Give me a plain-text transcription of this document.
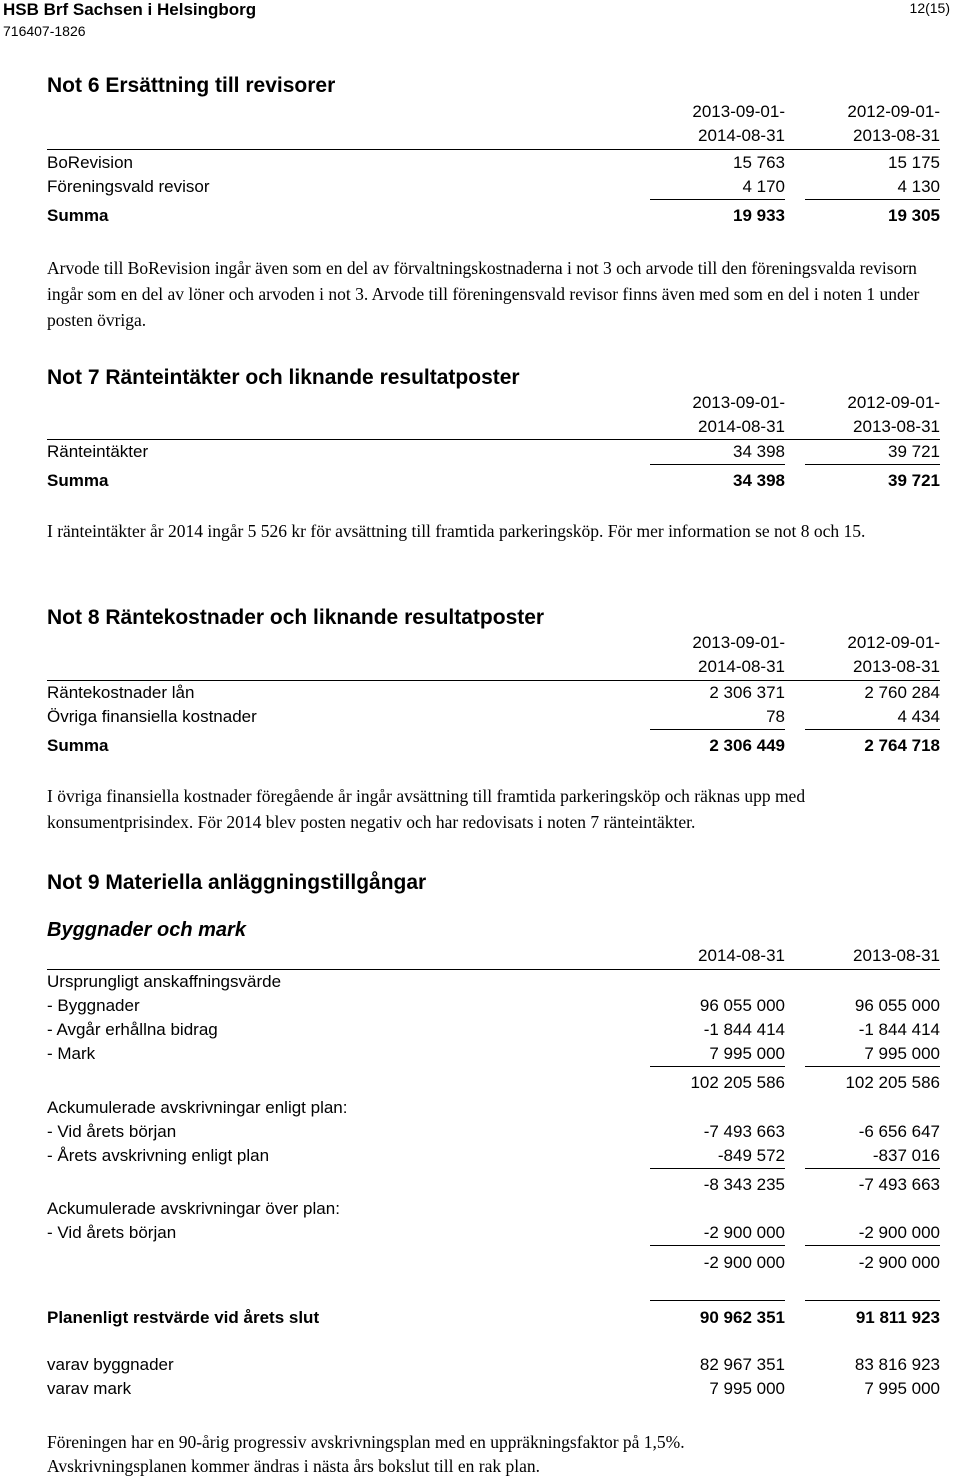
HSB Brf Sachsen i Helsingborg
716407-1826
12(15)
Not 6 Ersättning till revisorer
2013-09-01-	2012-09-01-
2014-08-31	2013-08-31
BoRevision	15 763	15 175
Föreningsvald revisor	4 170	4 130
Summa	19 933	19 305
Arvode till BoRevision ingår även som en del av förvaltningskostnaderna i not 3 och arvode till den föreningsvalda revisorn ingår som en del av löner och arvoden i not 3. Arvode till föreningensvald revisor finns även med som en del i noten 1 under posten övriga.
Not 7 Ränteintäkter och liknande resultatposter
2013-09-01-	2012-09-01-
2014-08-31	2013-08-31
Ränteintäkter	34 398	39 721
Summa	34 398	39 721
I ränteintäkter år 2014 ingår 5 526 kr för avsättning till framtida parkeringsköp. För mer information se not 8 och 15.
Not 8 Räntekostnader och liknande resultatposter
2013-09-01-	2012-09-01-
2014-08-31	2013-08-31
Räntekostnader lån	2 306 371	2 760 284
Övriga finansiella kostnader	78	4 434
Summa	2 306 449	2 764 718
I övriga finansiella kostnader föregående år ingår avsättning till framtida parkeringsköp och räknas upp med konsumentprisindex. För 2014 blev posten negativ och har redovisats i noten 7 ränteintäkter.
Not 9 Materiella anläggningstillgångar
Byggnader och mark
2014-08-31	2013-08-31
Ursprungligt anskaffningsvärde
- Byggnader	96 055 000	96 055 000
- Avgår erhållna bidrag	-1 844 414	-1 844 414
- Mark	7 995 000	7 995 000
102 205 586	102 205 586
Ackumulerade avskrivningar enligt plan:
- Vid årets början	-7 493 663	-6 656 647
- Årets avskrivning enligt plan	-849 572	-837 016
-8 343 235	-7 493 663
Ackumulerade avskrivningar över plan:
- Vid årets början	-2 900 000	-2 900 000
-2 900 000	-2 900 000
Planenligt restvärde vid årets slut	90 962 351	91 811 923
varav byggnader	82 967 351	83 816 923
varav mark	7 995 000	7 995 000
Föreningen har en 90-årig progressiv avskrivningsplan med en uppräkningsfaktor på 1,5%.
Avskrivningsplanen kommer ändras i nästa års bokslut till en rak plan.
